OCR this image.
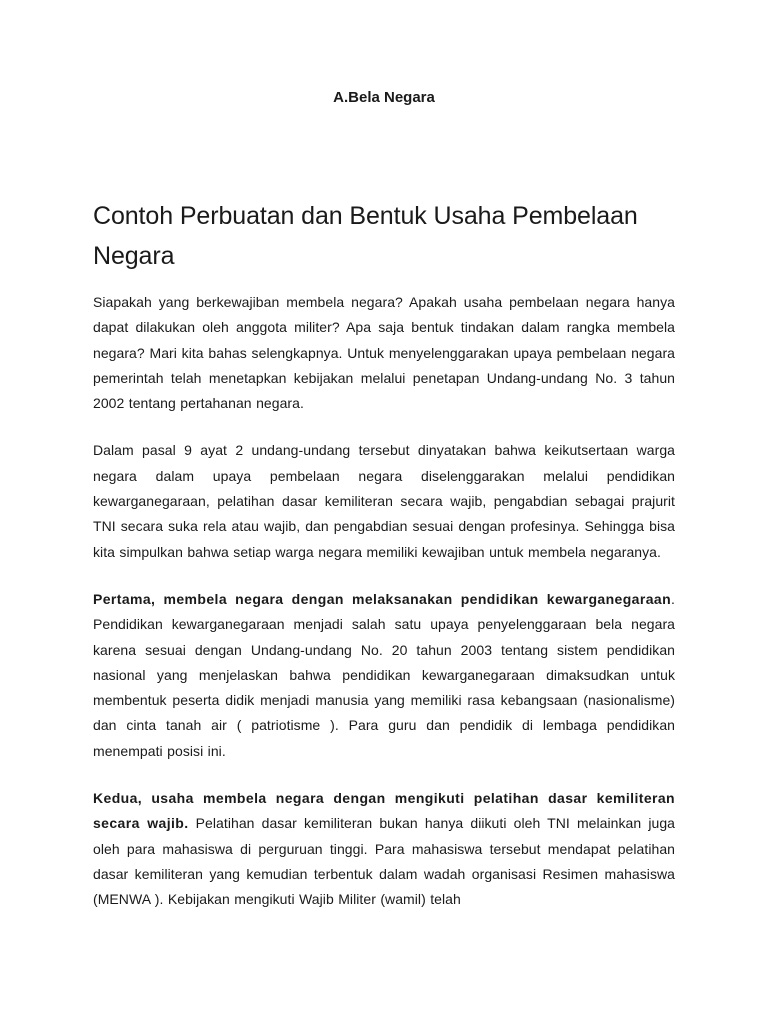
A.Bela Negara
Contoh Perbuatan dan Bentuk Usaha Pembelaan Negara

Siapakah yang berkewajiban membela negara? Apakah usaha pembelaan negara hanya dapat dilakukan oleh anggota militer? Apa saja bentuk tindakan dalam rangka membela negara? Mari kita bahas selengkapnya. Untuk menyelenggarakan upaya pembelaan negara pemerintah telah menetapkan kebijakan melalui penetapan Undang-undang No. 3 tahun 2002 tentang pertahanan negara.

Dalam pasal 9 ayat 2 undang-undang tersebut dinyatakan bahwa keikutsertaan warga negara dalam upaya pembelaan negara diselenggarakan melalui pendidikan kewarganegaraan, pelatihan dasar kemiliteran secara wajib, pengabdian sebagai prajurit TNI secara suka rela atau wajib, dan pengabdian sesuai dengan profesinya. Sehingga bisa kita simpulkan bahwa setiap warga negara memiliki kewajiban untuk membela negaranya.

Pertama, membela negara dengan melaksanakan pendidikan kewarganegaraan. Pendidikan kewarganegaraan menjadi salah satu upaya penyelenggaraan bela negara karena sesuai dengan Undang-undang No. 20 tahun 2003 tentang sistem pendidikan nasional yang menjelaskan bahwa pendidikan kewarganegaraan dimaksudkan untuk membentuk peserta didik menjadi manusia yang memiliki rasa kebangsaan (nasionalisme) dan cinta tanah air ( patriotisme ). Para guru dan pendidik di lembaga pendidikan menempati posisi ini.

Kedua, usaha membela negara dengan mengikuti pelatihan dasar kemiliteran secara wajib. Pelatihan dasar kemiliteran bukan hanya diikuti oleh TNI melainkan juga oleh para mahasiswa di perguruan tinggi. Para mahasiswa tersebut mendapat pelatihan dasar kemiliteran yang kemudian terbentuk dalam wadah organisasi Resimen mahasiswa (MENWA ). Kebijakan mengikuti Wajib Militer (wamil) telah
